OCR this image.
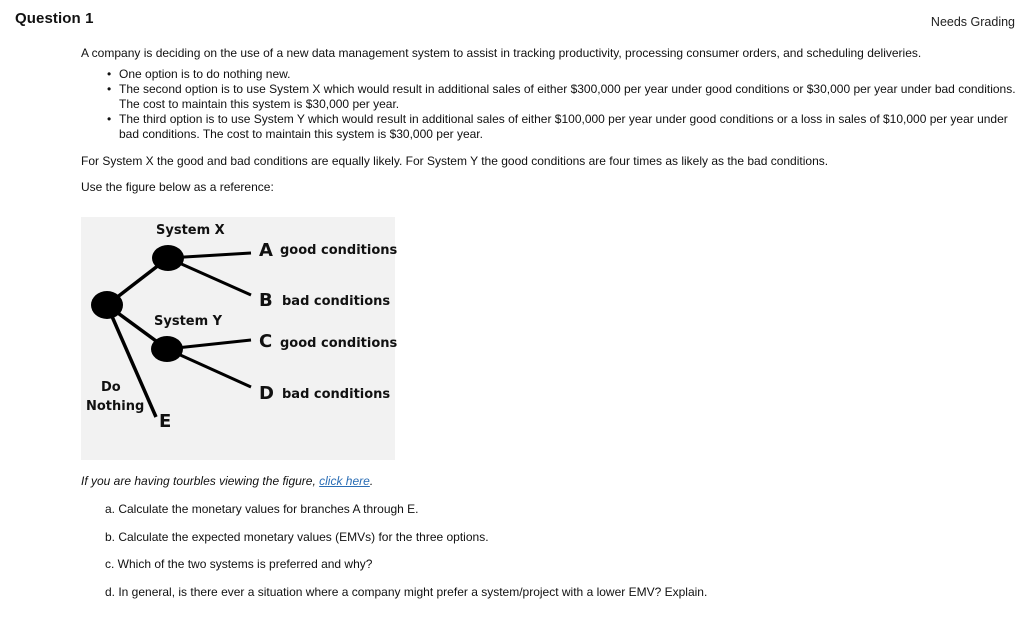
Question 1	Needs Grading

A company is deciding on the use of a new data management system to assist in tracking productivity, processing consumer orders, and scheduling deliveries.

• One option is to do nothing new.
• The second option is to use System X which would result in additional sales of either $300,000 per year under good conditions or $30,000 per year under bad conditions. The cost to maintain this system is $30,000 per year.
• The third option is to use System Y which would result in additional sales of either $100,000 per year under good conditions or a loss in sales of $10,000 per year under bad conditions. The cost to maintain this system is $30,000 per year.

For System X the good and bad conditions are equally likely. For System Y the good conditions are four times as likely as the bad conditions.

Use the figure below as a reference:

System X
System Y
Do
Nothing
A good conditions
B bad conditions
C good conditions
D bad conditions
E
If you are having tourbles viewing the figure, click here.
a. Calculate the monetary values for branches A through E.
b. Calculate the expected monetary values (EMVs) for the three options.
c. Which of the two systems is preferred and why?
d. In general, is there ever a situation where a company might prefer a system/project with a lower EMV? Explain.
